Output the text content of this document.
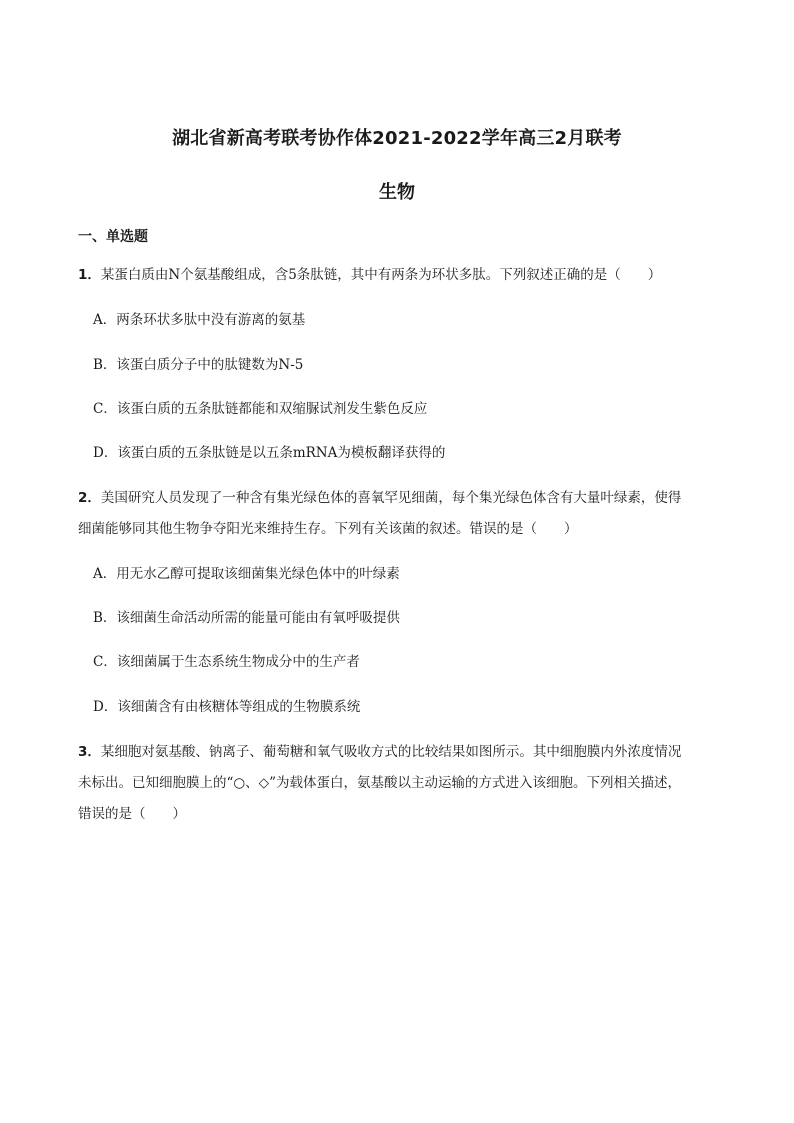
湖北省新高考联考协作体2021-2022学年高三2月联考
生物
一、单选题
1．某蛋白质由N个氨基酸组成，含5条肽链，其中有两条为环状多肽。下列叙述正确的是（　　）
A．两条环状多肽中没有游离的氨基
B．该蛋白质分子中的肽键数为N-5
C．该蛋白质的五条肽链都能和双缩脲试剂发生紫色反应
D．该蛋白质的五条肽链是以五条mRNA为模板翻译获得的
2．美国研究人员发现了一种含有集光绿色体的喜氧罕见细菌，每个集光绿色体含有大量叶绿素，使得
细菌能够同其他生物争夺阳光来维持生存。下列有关该菌的叙述。错误的是（　　）
A．用无水乙醇可提取该细菌集光绿色体中的叶绿素
B．该细菌生命活动所需的能量可能由有氧呼吸提供
C．该细菌属于生态系统生物成分中的生产者
D．该细菌含有由核糖体等组成的生物膜系统
3．某细胞对氨基酸、钠离子、葡萄糖和氧气吸收方式的比较结果如图所示。其中细胞膜内外浓度情况
未标出。已知细胞膜上的“○、◇”为载体蛋白，氨基酸以主动运输的方式进入该细胞。下列相关描述，
错误的是（　　）
